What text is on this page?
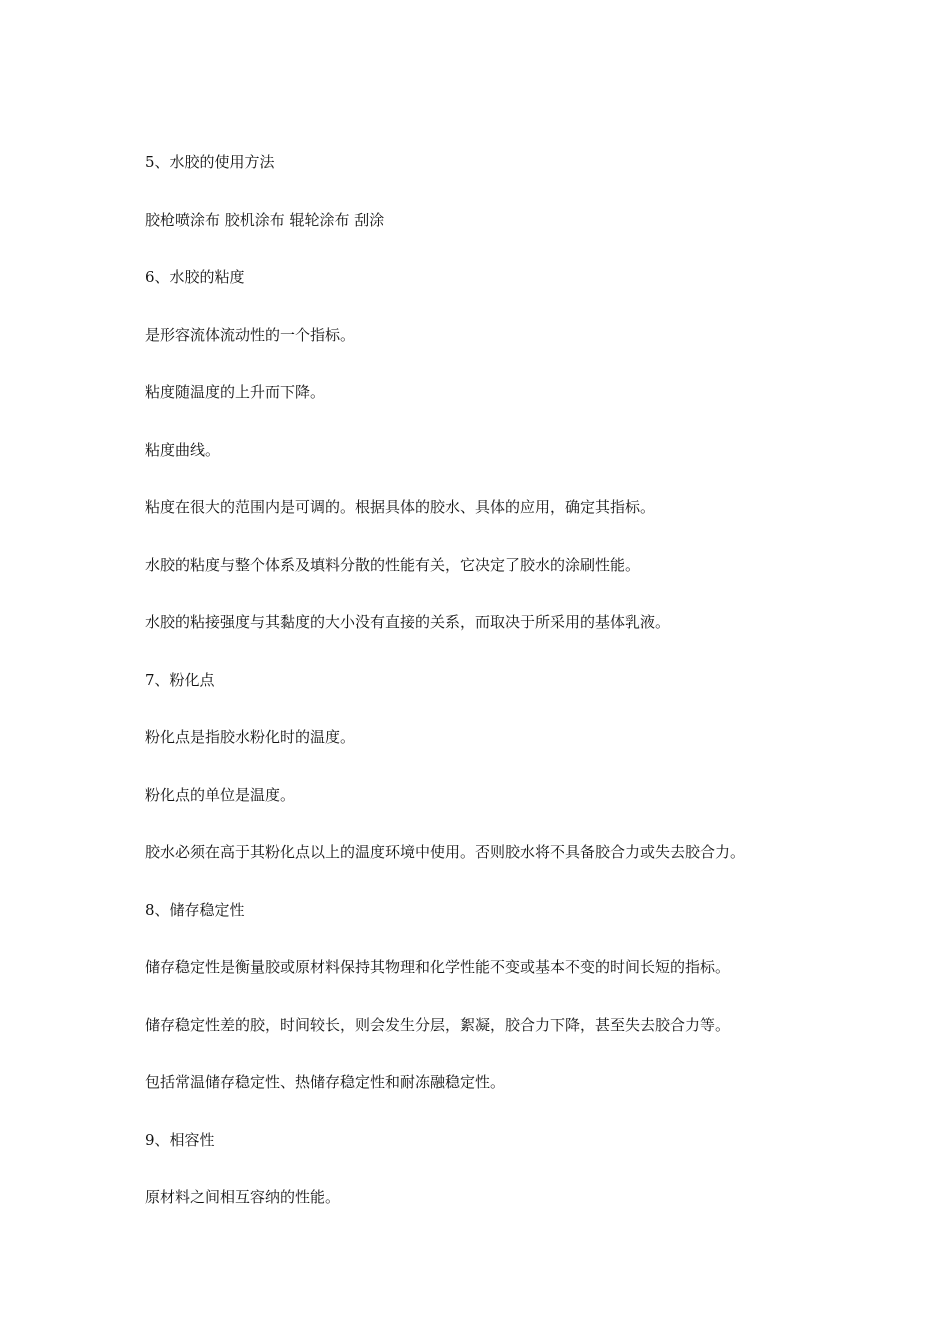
5、水胶的使用方法
胶枪喷涂布 胶机涂布 辊轮涂布 刮涂
6、水胶的粘度
是形容流体流动性的一个指标。
粘度随温度的上升而下降。
粘度曲线。
粘度在很大的范围内是可调的。根据具体的胶水、具体的应用，确定其指标。
水胶的粘度与整个体系及填料分散的性能有关，它决定了胶水的涂刷性能。
水胶的粘接强度与其黏度的大小没有直接的关系，而取决于所采用的基体乳液。
7、粉化点
粉化点是指胶水粉化时的温度。
粉化点的单位是温度。
胶水必须在高于其粉化点以上的温度环境中使用。否则胶水将不具备胶合力或失去胶合力。
8、储存稳定性
储存稳定性是衡量胶或原材料保持其物理和化学性能不变或基本不变的时间长短的指标。
储存稳定性差的胶，时间较长，则会发生分层，絮凝，胶合力下降，甚至失去胶合力等。
包括常温储存稳定性、热储存稳定性和耐冻融稳定性。
9、相容性
原材料之间相互容纳的性能。
